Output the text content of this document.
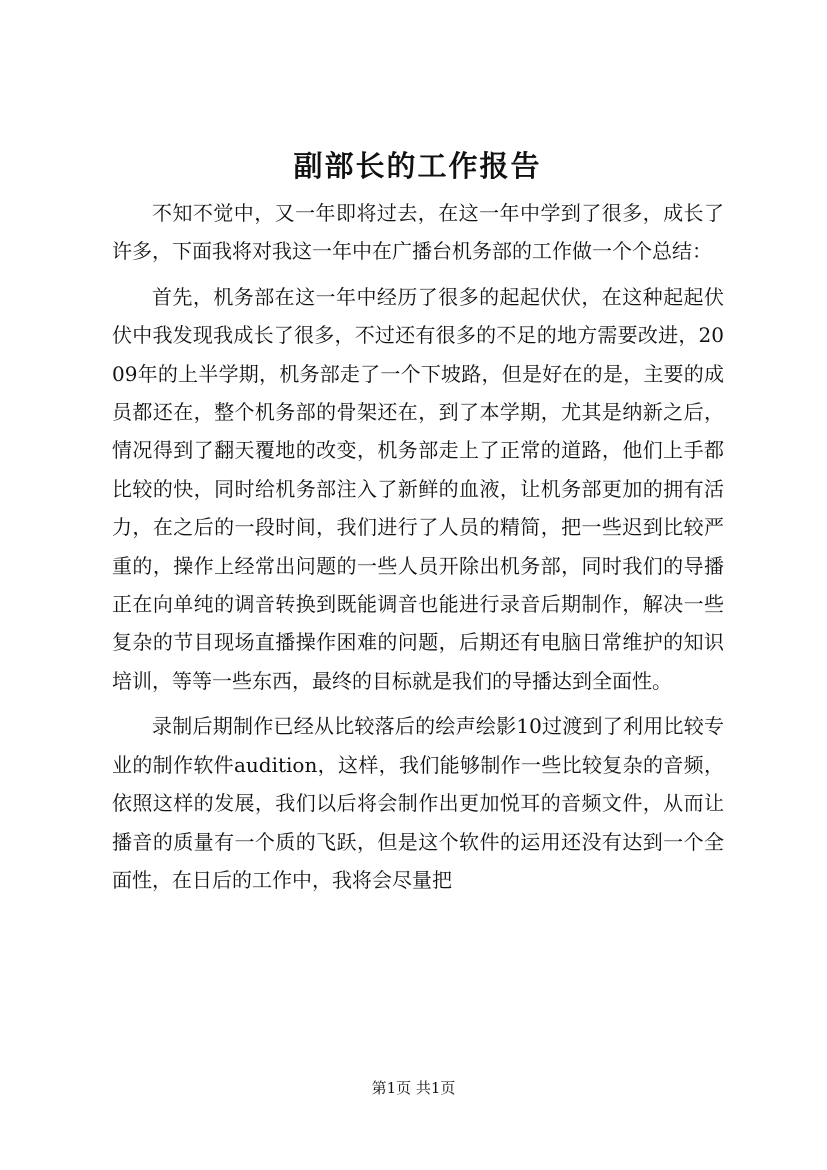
副部长的工作报告

不知不觉中，又一年即将过去，在这一年中学到了很多，成长了许多，下面我将对我这一年中在广播台机务部的工作做一个个总结：

首先，机务部在这一年中经历了很多的起起伏伏，在这种起起伏伏中我发现我成长了很多，不过还有很多的不足的地方需要改进，2009年的上半学期，机务部走了一个下坡路，但是好在的是，主要的成员都还在，整个机务部的骨架还在，到了本学期，尤其是纳新之后，情况得到了翻天覆地的改变，机务部走上了正常的道路，他们上手都比较的快，同时给机务部注入了新鲜的血液，让机务部更加的拥有活力，在之后的一段时间，我们进行了人员的精简，把一些迟到比较严重的，操作上经常出问题的一些人员开除出机务部，同时我们的导播正在向单纯的调音转换到既能调音也能进行录音后期制作，解决一些复杂的节目现场直播操作困难的问题，后期还有电脑日常维护的知识培训，等等一些东西，最终的目标就是我们的导播达到全面性。

录制后期制作已经从比较落后的绘声绘影10过渡到了利用比较专业的制作软件audition，这样，我们能够制作一些比较复杂的音频，依照这样的发展，我们以后将会制作出更加悦耳的音频文件，从而让播音的质量有一个质的飞跃，但是这个软件的运用还没有达到一个全面性，在日后的工作中，我将会尽量把

第1页 共1页
